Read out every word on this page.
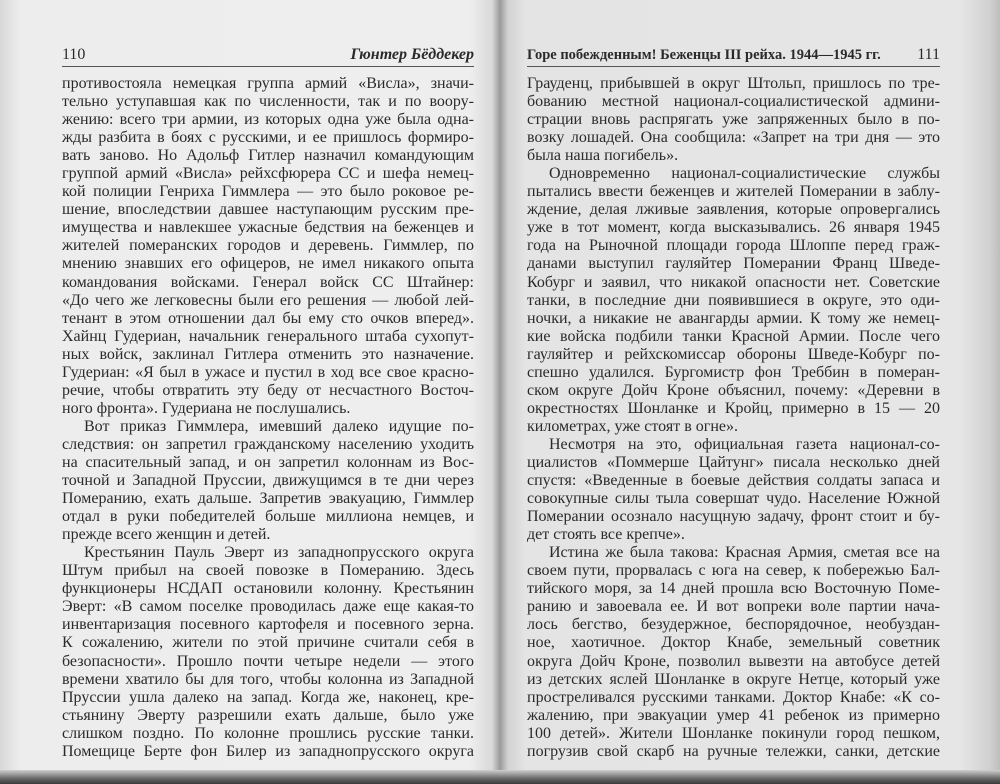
110	Гюнтер Бёддекер
противостояла немецкая группа армий «Висла», значи-
тельно уступавшая как по численности, так и по воору-
жению: всего три армии, из которых одна уже была одна-
жды разбита в боях с русскими, и ее пришлось формиро-
вать заново. Но Адольф Гитлер назначил командующим
группой армий «Висла» рейхсфюрера СС и шефа немец-
кой полиции Генриха Гиммлера — это было роковое ре-
шение, впоследствии давшее наступающим русским пре-
имущества и навлекшее ужасные бедствия на беженцев и
жителей померанских городов и деревень. Гиммлер, по
мнению знавших его офицеров, не имел никакого опыта
командования войсками. Генерал войск СС Штайнер:
«До чего же легковесны были его решения — любой лей-
тенант в этом отношении дал бы ему сто очков вперед».
Хайнц Гудериан, начальник генерального штаба сухопут-
ных войск, заклинал Гитлера отменить это назначение.
Гудериан: «Я был в ужасе и пустил в ход все свое красно-
речие, чтобы отвратить эту беду от несчастного Восточ-
ного фронта». Гудериана не послушались.
Вот приказ Гиммлера, имевший далеко идущие по-
следствия: он запретил гражданскому населению уходить
на спасительный запад, и он запретил колоннам из Вос-
точной и Западной Пруссии, движущимся в те дни через
Померанию, ехать дальше. Запретив эвакуацию, Гиммлер
отдал в руки победителей больше миллиона немцев, и
прежде всего женщин и детей.
Крестьянин Пауль Эверт из западнопрусского округа
Штум прибыл на своей повозке в Померанию. Здесь
функционеры НСДАП остановили колонну. Крестьянин
Эверт: «В самом поселке проводилась даже еще какая-то
инвентаризация посевного картофеля и посевного зерна.
К сожалению, жители по этой причине считали себя в
безопасности». Прошло почти четыре недели — этого
времени хватило бы для того, чтобы колонна из Западной
Пруссии ушла далеко на запад. Когда же, наконец, кре-
стьянину Эверту разрешили ехать дальше, было уже
слишком поздно. По колонне прошлись русские танки.
Помещице Берте фон Билер из западнопрусского округа
Горе побежденным! Беженцы III рейха. 1944—1945 гг. 111
Грауденц, прибывшей в округ Штольп, пришлось по тре-
бованию местной национал-социалистической админи-
страции вновь распрягать уже запряженных было в по-
возку лошадей. Она сообщила: «Запрет на три дня — это
была наша погибель».
Одновременно национал-социалистические службы
пытались ввести беженцев и жителей Померании в заблу-
ждение, делая лживые заявления, которые опровергались
уже в тот момент, когда высказывались. 26 января 1945
года на Рыночной площади города Шлоппе перед граж-
данами выступил гауляйтер Померании Франц Шведе-
Кобург и заявил, что никакой опасности нет. Советские
танки, в последние дни появившиеся в округе, это оди-
ночки, а никакие не авангарды армии. К тому же немец-
кие войска подбили танки Красной Армии. После чего
гауляйтер и рейхскомиссар обороны Шведе-Кобург по-
спешно удалился. Бургомистр фон Треббин в померан-
ском округе Дойч Кроне объяснил, почему: «Деревни в
окрестностях Шонланке и Кройц, примерно в 15 — 20
километрах, уже стоят в огне».
Несмотря на это, официальная газета национал-со-
циалистов «Поммерше Цайтунг» писала несколько дней
спустя: «Введенные в боевые действия солдаты запаса и
совокупные силы тыла совершат чудо. Население Южной
Померании осознало насущную задачу, фронт стоит и бу-
дет стоять все крепче».
Истина же была такова: Красная Армия, сметая все на
своем пути, прорвалась с юга на север, к побережью Бал-
тийского моря, за 14 дней прошла всю Восточную Поме-
ранию и завоевала ее. И вот вопреки воле партии нача-
лось бегство, безудержное, беспорядочное, необуздан-
ное, хаотичное. Доктор Кнабе, земельный советник
округа Дойч Кроне, позволил вывезти на автобусе детей
из детских яслей Шонланке в округе Нетце, который уже
простреливался русскими танками. Доктор Кнабе: «К со-
жалению, при эвакуации умер 41 ребенок из примерно
100 детей». Жители Шонланке покинули город пешком,
погрузив свой скарб на ручные тележки, санки, детские
